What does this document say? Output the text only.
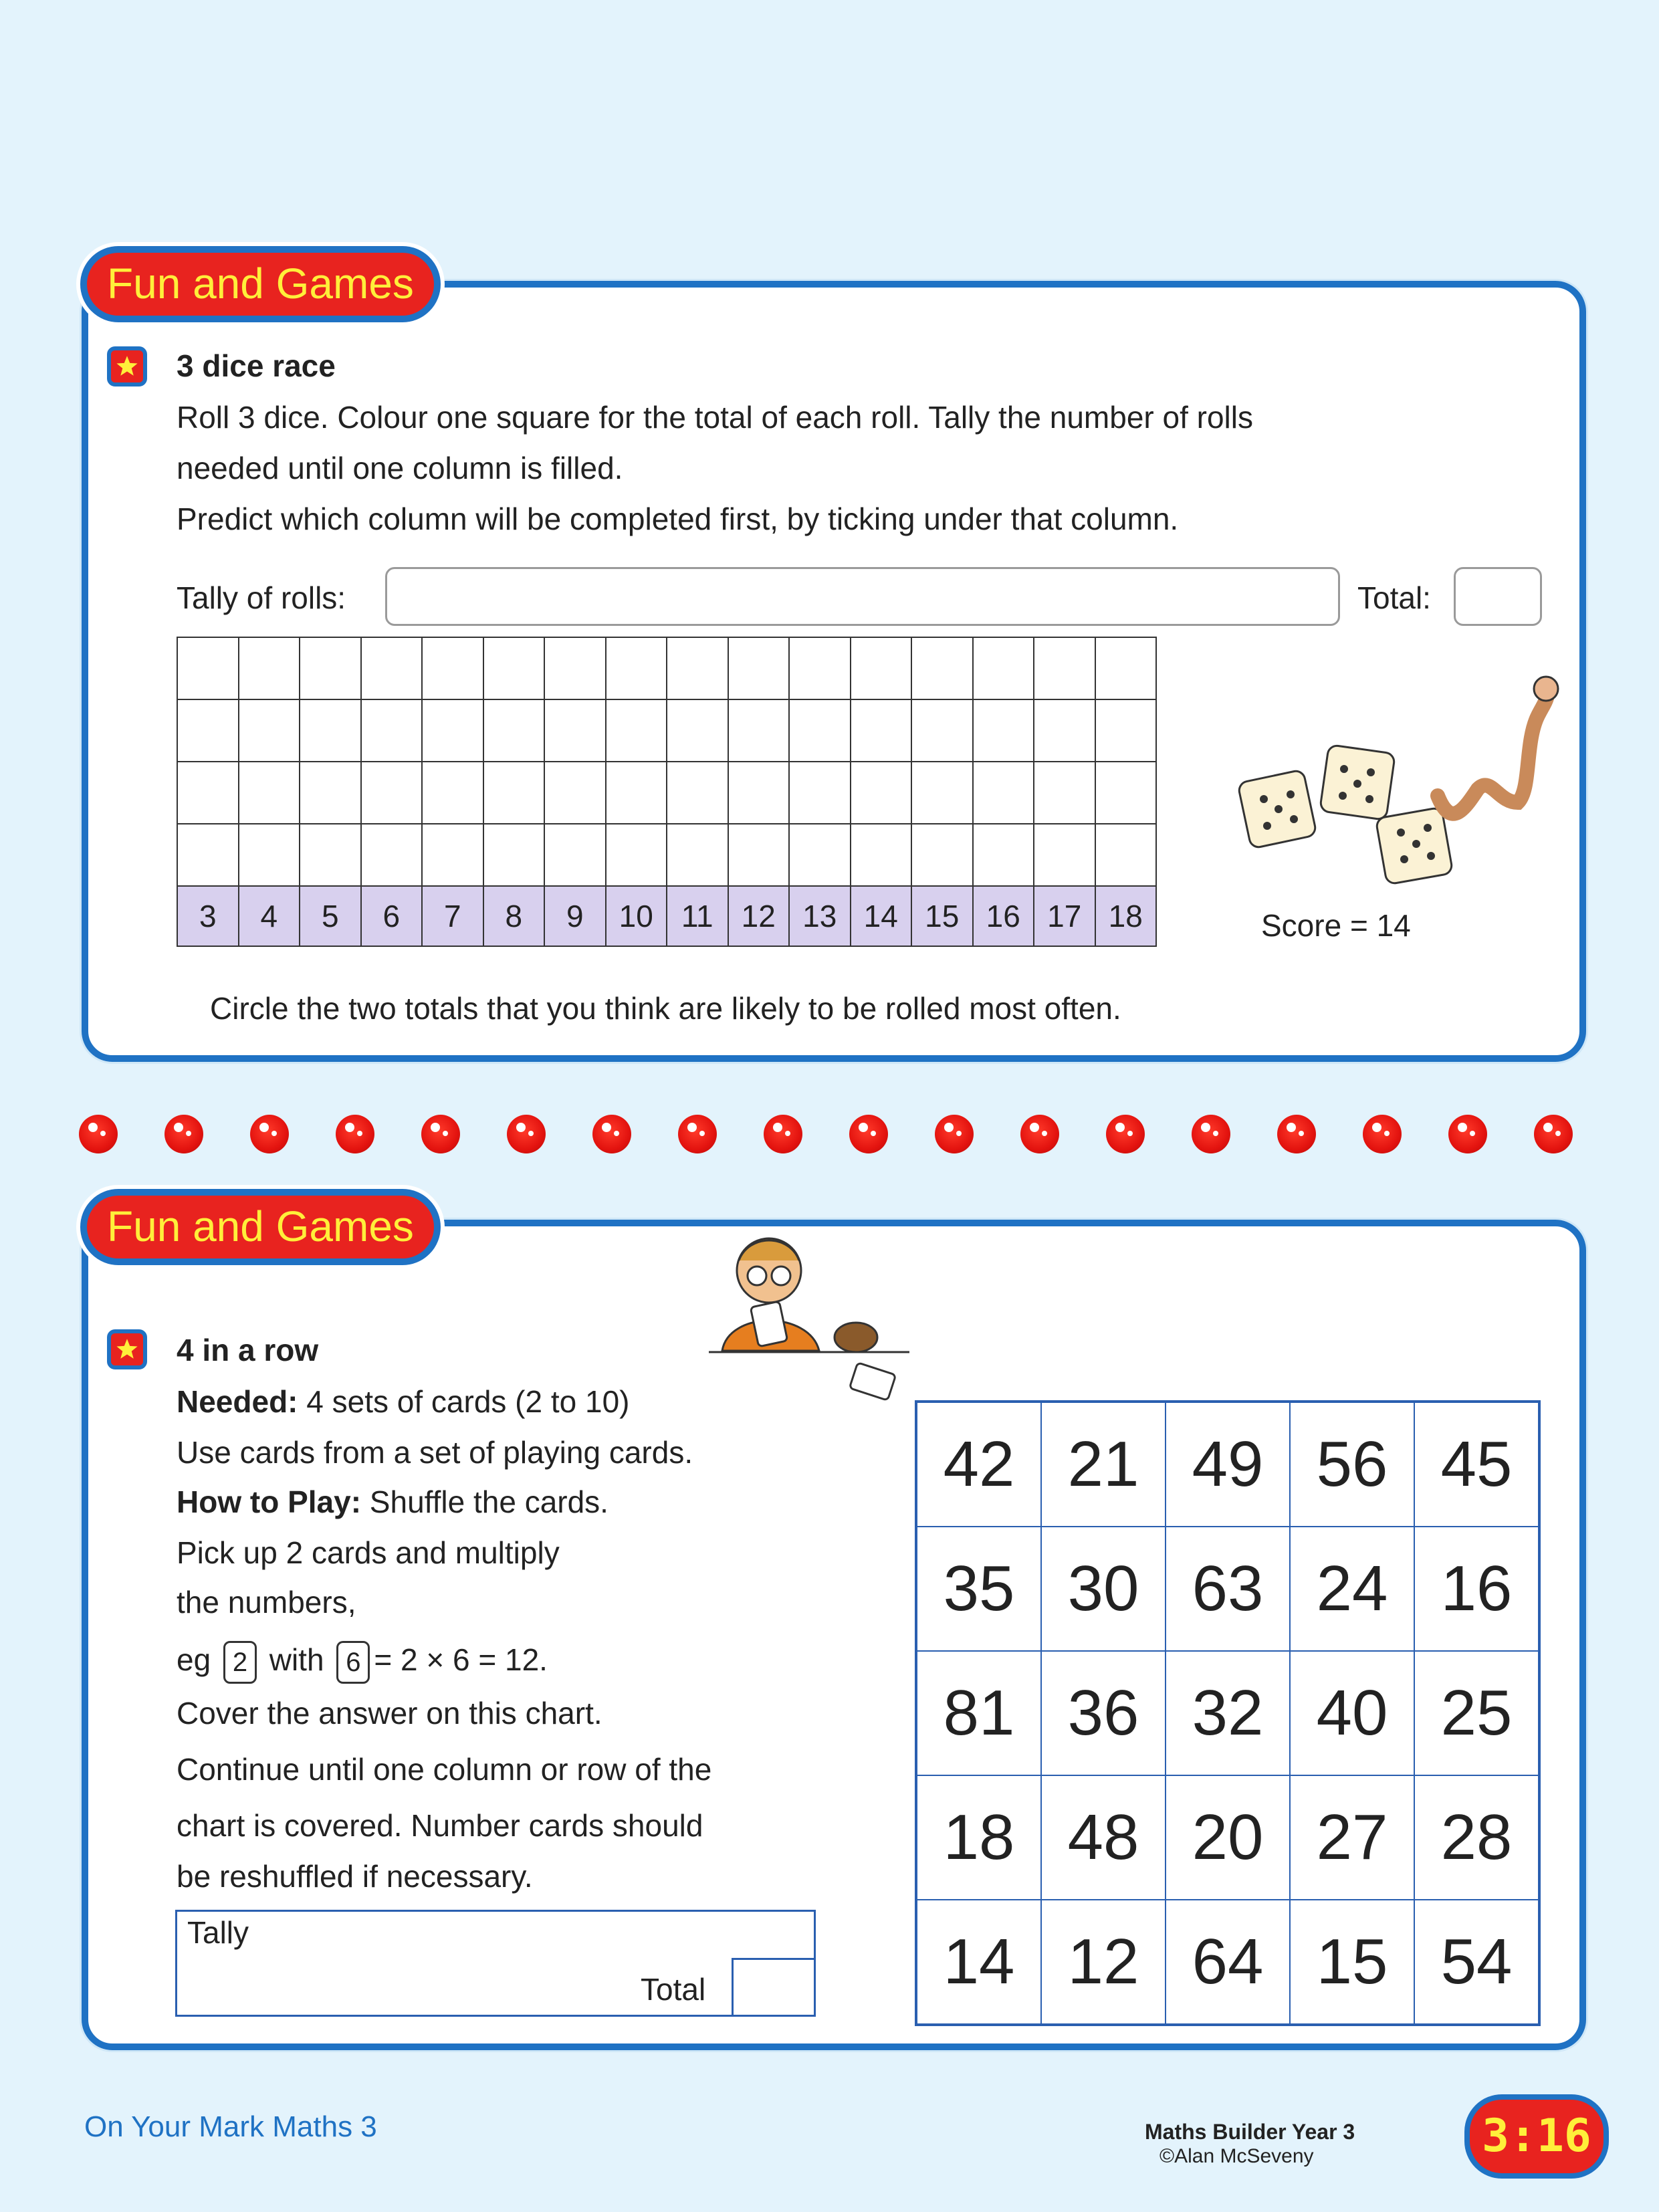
Fun and Games
3 dice race
Roll 3 dice. Colour one square for the total of each roll. Tally the number of rolls
needed until one column is filled.
Predict which column will be completed first, by ticking under that column.
Tally of rolls:	Total:

3	4	5	6	7	8	9	10	11	12	13	14	15	16	17	18	Score = 14
Circle the two totals that you think are likely to be rolled most often.
Fun and Games
4 in a row
Needed: 4 sets of cards (2 to 10)
Use cards from a set of playing cards.
How to Play: Shuffle the cards.
Pick up 2 cards and multiply
the numbers,
eg 2 with 6 = 2 × 6 = 12.
Cover the answer on this chart.
Continue until one column or row of the
chart is covered. Number cards should
be reshuffled if necessary.
Tally
Total
42	21	49	56	45
35	30	63	24	16
81	36	32	40	25
18	48	20	27	28
14	12	64	15	54
On Your Mark Maths 3	Maths Builder Year 3
©Alan McSeveny	3:16
